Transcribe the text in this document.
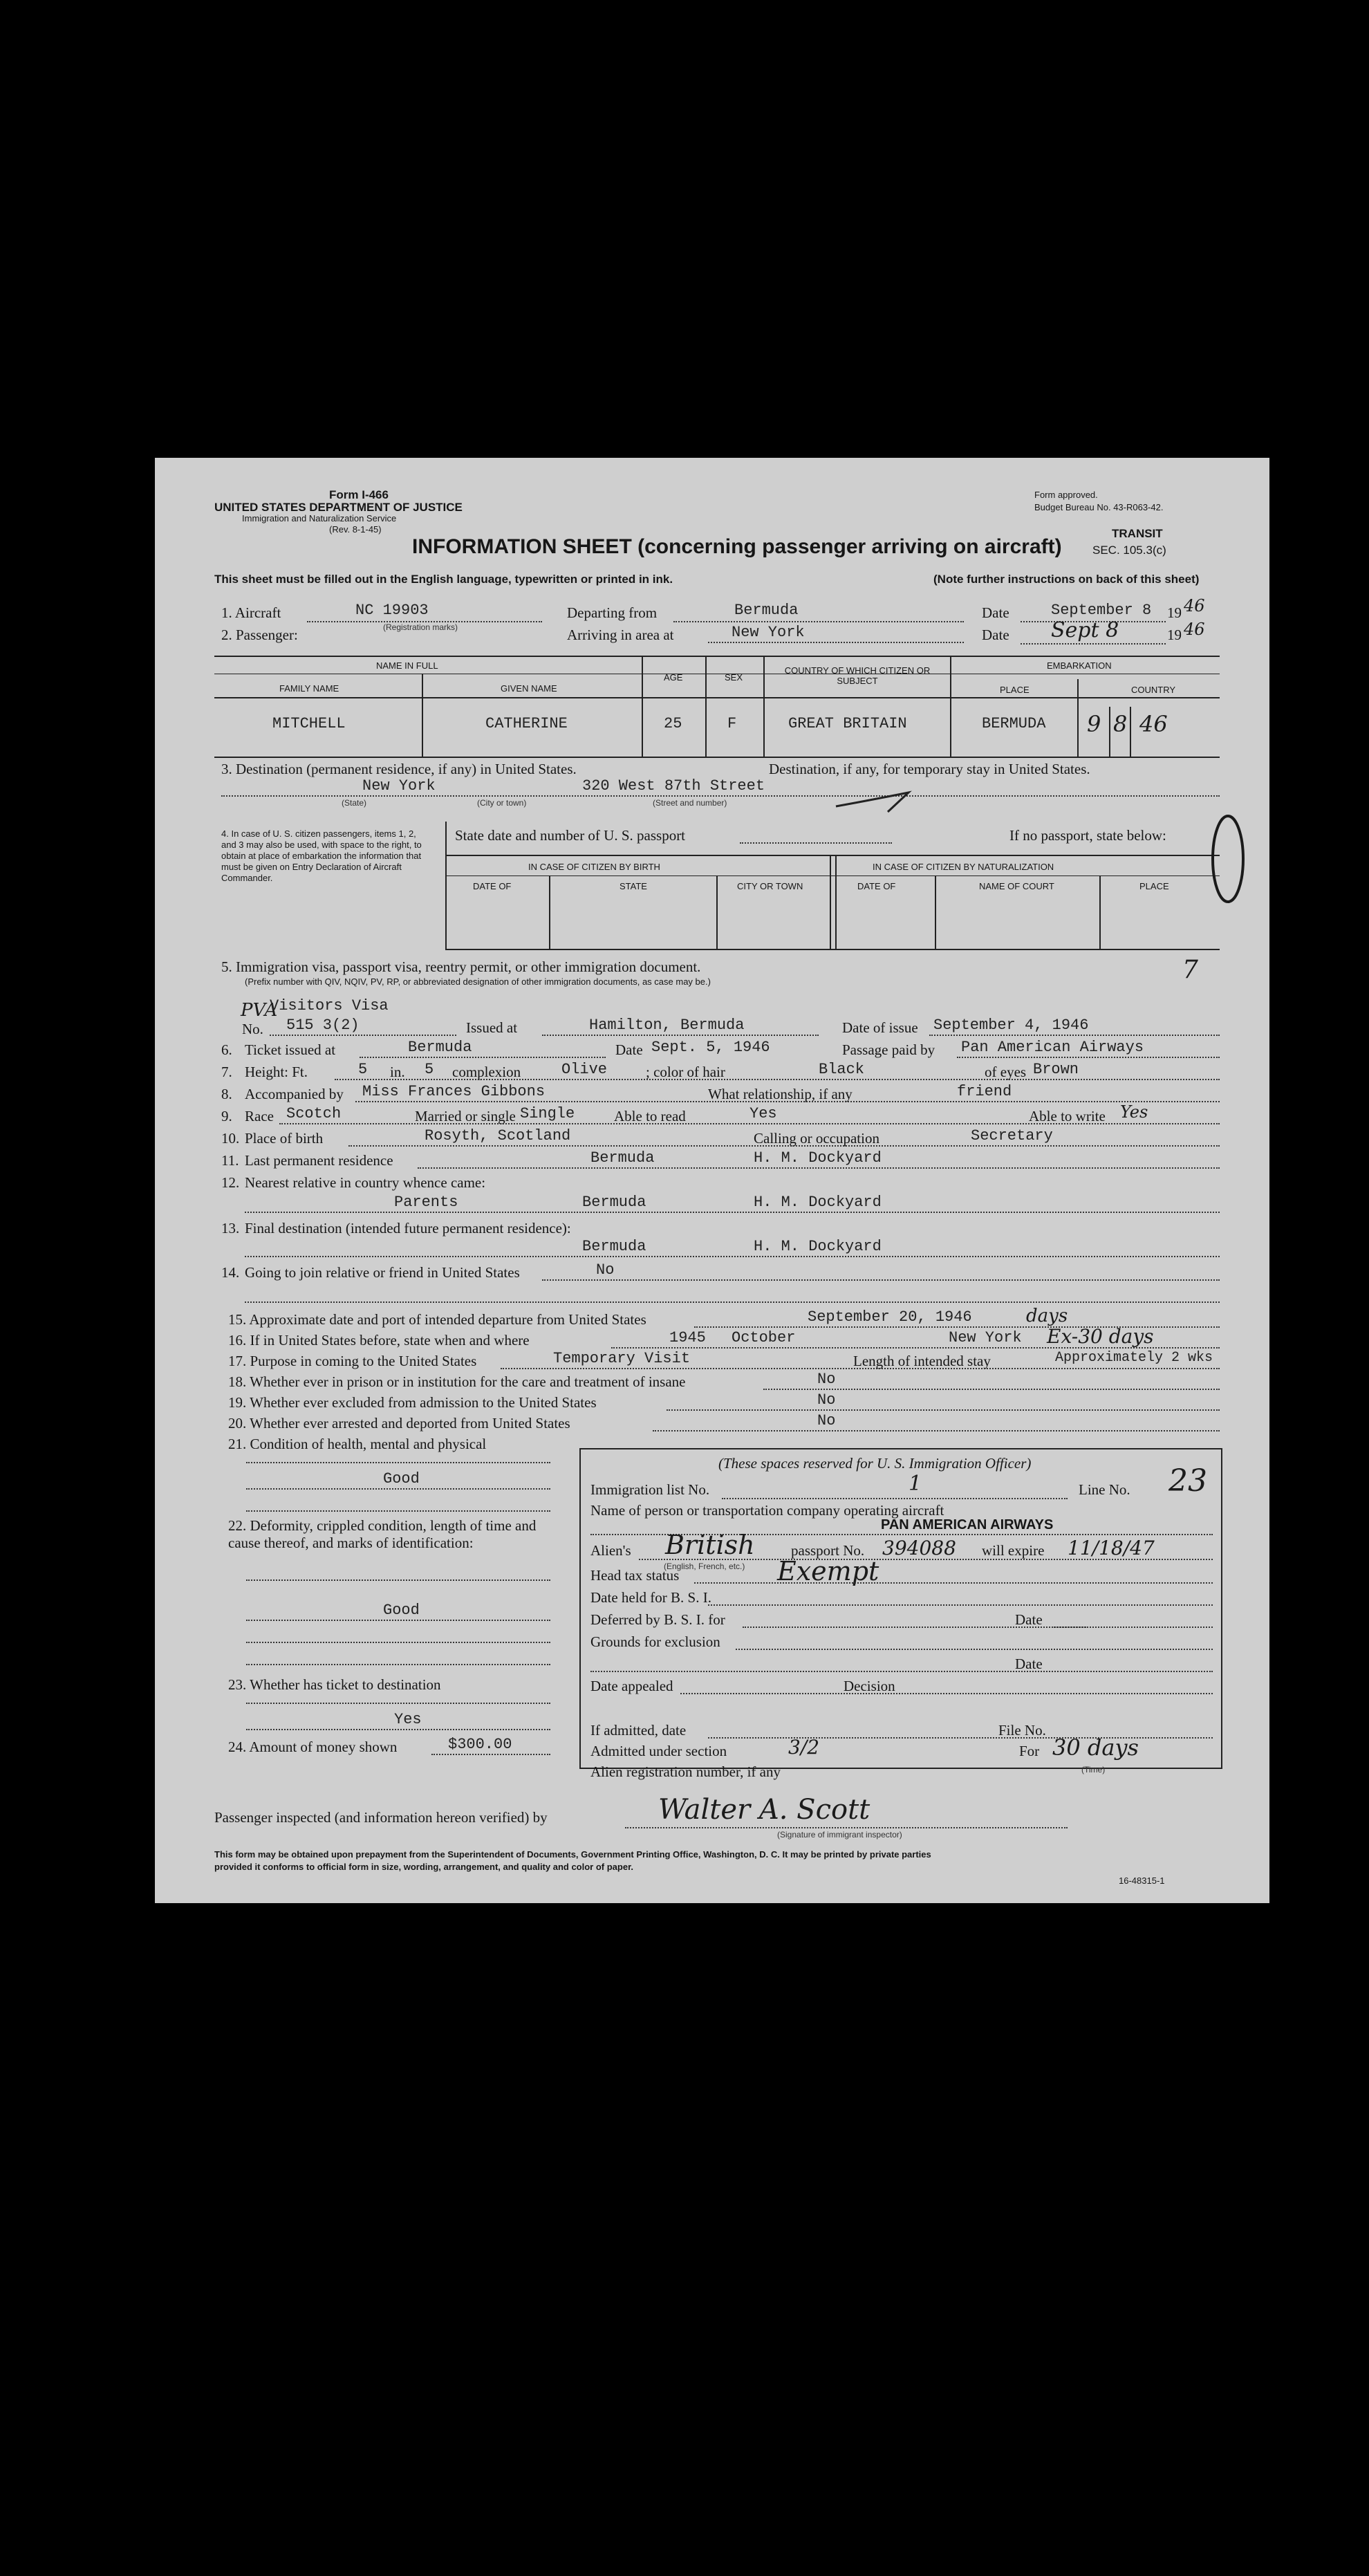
Form I-466
UNITED STATES DEPARTMENT OF JUSTICE
Immigration and Naturalization Service
(Rev. 8-1-45)
Form approved.
Budget Bureau No. 43-R063-42.
TRANSIT
SEC. 105.3(c)
INFORMATION SHEET (concerning passenger arriving on aircraft)
This sheet must be filled out in the English language, typewritten or printed in ink.	(Note further instructions on back of this sheet)
1. Aircraft	NC 19903
(Registration marks)
Departing from	Bermuda	Date	September 8 19 46
2. Passenger:	Arriving in area at	New York	Date Sept 8	19 46
NAME IN FULL
FAMILY NAME	GIVEN NAME
AGE	SEX
COUNTRY OF WHICH CITIZEN OR SUBJECT
EMBARKATION
PLACE	COUNTRY
MITCHELL	CATHERINE	25	F	GREAT BRITAIN	BERMUDA 9 8 46
3. Destination (permanent residence, if any) in United States.	Destination, if any, for temporary stay in United States.
New York	320 West 87th Street
(State)	(City or town)	(Street and number)
4. In case of U. S. citizen passengers, items 1, 2, and 3 may also be used, with space to the right, to obtain at place of embarkation the information that must be given on Entry Declaration of Aircraft Commander.
State date and number of U. S. passport	If no passport, state below:
IN CASE OF CITIZEN BY BIRTH	IN CASE OF CITIZEN BY NATURALIZATION
DATE OF	STATE	CITY OR TOWN	DATE OF	NAME OF COURT	PLACE
5. Immigration visa, passport visa, reentry permit, or other immigration document.
(Prefix number with QIV, NQIV, PV, RP, or abbreviated designation of other immigration documents, as case may be.)	7
PVA
Visitors Visa
No. 515 3(2)	Issued at	Hamilton, Bermuda	Date of issue September 4, 1946
6. Ticket issued at	Bermuda	Date Sept. 5, 1946	Passage paid by Pan American Airways
7. Height: Ft.	5 in. 5 complexion	Olive	; color of hair	Black	of eyes Brown
8. Accompanied by Miss Frances Gibbons	What relationship, if any	friend
9. Race Scotch	Married or single Single	Able to read	Yes	Able to write Yes
10. Place of birth	Rosyth, Scotland	Calling or occupation	Secretary
11. Last permanent residence	Bermuda	H. M. Dockyard
12. Nearest relative in country whence came:
Parents	Bermuda	H. M. Dockyard
13. Final destination (intended future permanent residence):
Bermuda	H. M. Dockyard
14. Going to join relative or friend in United States	No
15. Approximate date and port of intended departure from United States	September 20, 1946	days
16. If in United States before, state when and where	1945 October	New York Ex-30 days
17. Purpose in coming to the United States	Temporary Visit	Length of intended stay	Approximately 2 wks
18. Whether ever in prison or in institution for the care and treatment of insane	No
19. Whether ever excluded from admission to the United States	No
20. Whether ever arrested and deported from United States	No
21. Condition of health, mental and physical
Good
22. Deformity, crippled condition, length of time and cause thereof, and marks of identification:
Good
23. Whether has ticket to destination
Yes
24. Amount of money shown	$300.00
(These spaces reserved for U. S. Immigration Officer)
Immigration list No.	1	Line No. 23
Name of person or transportation company operating aircraft
PAN AMERICAN AIRWAYS
Alien's British
(English, French, etc.)
passport No. 394088 will expire 11/18/47
Head tax status	Exempt
Date held for B. S. I.
Deferred by B. S. I. for	Date
Grounds for exclusion
Date
Date appealed	Decision
If admitted, date	File No.
Admitted under section	3/2	For 30 days
(Time)
Alien registration number, if any
Passenger inspected (and information hereon verified) by	Walter A. Scott
(Signature of immigrant inspector)
This form may be obtained upon prepayment from the Superintendent of Documents, Government Printing Office, Washington, D. C. It may be printed by private parties
provided it conforms to official form in size, wording, arrangement, and quality and color of paper.
16-48315-1
